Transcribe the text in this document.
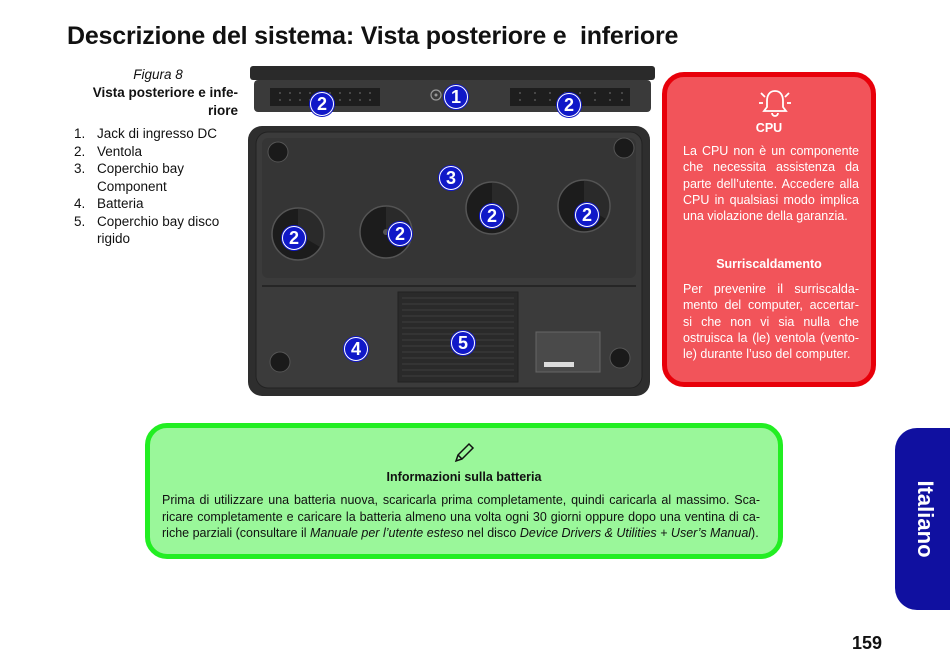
Descrizione del sistema: Vista posteriore e  inferiore
Figura 8
Vista posteriore e infe- riore
1. Jack di ingresso DC
2. Ventola
3. Coperchio bay Component
4. Batteria
5. Coperchio bay disco rigido
1
2	2
3
2	2
2	2
4	5
CPU
La CPU non è un componente che necessita assistenza da parte dell’utente. Accedere alla CPU in qualsiasi modo implica una violazione della garanzia.
Surriscaldamento
Per prevenire il surriscalda- mento del computer, accertar- si che non vi sia nulla che ostruisca la (le) ventola (vento- le) durante l’uso del computer.
Informazioni sulla batteria
Prima di utilizzare una batteria nuova, scaricarla prima completamente, quindi caricarla al massimo. Sca- ricare completamente e caricare la batteria almeno una volta ogni 30 giorni oppure dopo una ventina di ca- riche parziali (consultare il Manuale per l’utente esteso nel disco Device Drivers & Utilities + User’s Manual).	Italiano
159
